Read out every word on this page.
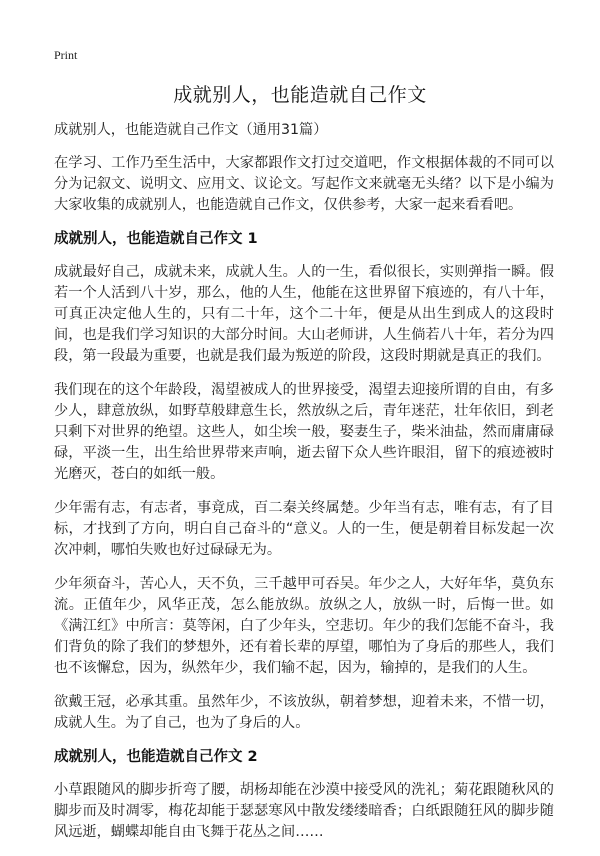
Print
成就别人，也能造就自己作文

成就别人，也能造就自己作文（通用31篇）

在学习、工作乃至生活中，大家都跟作文打过交道吧，作文根据体裁的不同可以分为记叙文、说明文、应用文、议论文。写起作文来就毫无头绪？以下是小编为大家收集的成就别人，也能造就自己作文，仅供参考，大家一起来看看吧。

成就别人，也能造就自己作文 1

成就最好自己，成就未来，成就人生。人的一生，看似很长，实则弹指一瞬。假若一个人活到八十岁，那么，他的人生，他能在这世界留下痕迹的，有八十年，可真正决定他人生的，只有二十年，这个二十年，便是从出生到成人的这段时间，也是我们学习知识的大部分时间。大山老师讲，人生倘若八十年，若分为四段，第一段最为重要，也就是我们最为叛逆的阶段，这段时期就是真正的我们。

我们现在的这个年龄段，渴望被成人的世界接受，渴望去迎接所谓的自由，有多少人，肆意放纵，如野草般肆意生长，然放纵之后，青年迷茫，壮年依旧，到老只剩下对世界的绝望。这些人，如尘埃一般，娶妻生子，柴米油盐，然而庸庸碌碌，平淡一生，出生给世界带来声响，逝去留下众人些许眼泪，留下的痕迹被时光磨灭，苍白的如纸一般。

少年需有志，有志者，事竟成，百二秦关终属楚。少年当有志，唯有志，有了目标，才找到了方向，明白自己奋斗的“意义。人的一生，便是朝着目标发起一次次冲刺，哪怕失败也好过碌碌无为。

少年须奋斗，苦心人，天不负，三千越甲可吞吴。年少之人，大好年华，莫负东流。正值年少，风华正茂，怎么能放纵。放纵之人，放纵一时，后悔一世。如《满江红》中所言：莫等闲，白了少年头，空悲切。年少的我们怎能不奋斗，我们背负的除了我们的梦想外，还有着长辈的厚望，哪怕为了身后的那些人，我们也不该懈怠，因为，纵然年少，我们输不起，因为，输掉的，是我们的人生。

欲戴王冠，必承其重。虽然年少，不该放纵，朝着梦想，迎着未来，不惜一切，成就人生。为了自己，也为了身后的人。

成就别人，也能造就自己作文 2

小草跟随风的脚步折弯了腰，胡杨却能在沙漠中接受风的洗礼；菊花跟随秋风的脚步而及时凋零，梅花却能于瑟瑟寒风中散发缕缕暗香；白纸跟随狂风的脚步随风远逝，蝴蝶却能自由飞舞于花丛之间……
